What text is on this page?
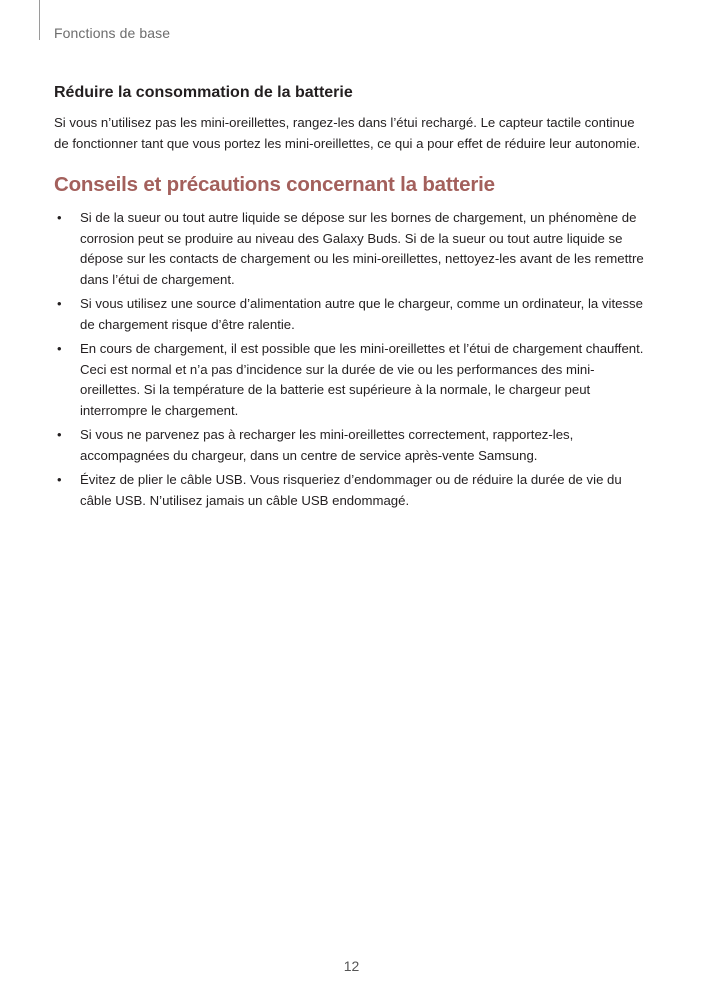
Fonctions de base
Réduire la consommation de la batterie

Si vous n’utilisez pas les mini-oreillettes, rangez-les dans l’étui rechargé. Le capteur tactile continue de fonctionner tant que vous portez les mini-oreillettes, ce qui a pour effet de réduire leur autonomie.

Conseils et précautions concernant la batterie
• Si de la sueur ou tout autre liquide se dépose sur les bornes de chargement, un phénomène de corrosion peut se produire au niveau des Galaxy Buds. Si de la sueur ou tout autre liquide se dépose sur les contacts de chargement ou les mini-oreillettes, nettoyez-les avant de les remettre dans l’étui de chargement.
• Si vous utilisez une source d’alimentation autre que le chargeur, comme un ordinateur, la vitesse de chargement risque d’être ralentie.
• En cours de chargement, il est possible que les mini-oreillettes et l’étui de chargement chauffent. Ceci est normal et n’a pas d’incidence sur la durée de vie ou les performances des mini-oreillettes. Si la température de la batterie est supérieure à la normale, le chargeur peut interrompre le chargement.
• Si vous ne parvenez pas à recharger les mini-oreillettes correctement, rapportez-les, accompagnées du chargeur, dans un centre de service après-vente Samsung.
• Évitez de plier le câble USB. Vous risqueriez d’endommager ou de réduire la durée de vie du câble USB. N’utilisez jamais un câble USB endommagé.
12
